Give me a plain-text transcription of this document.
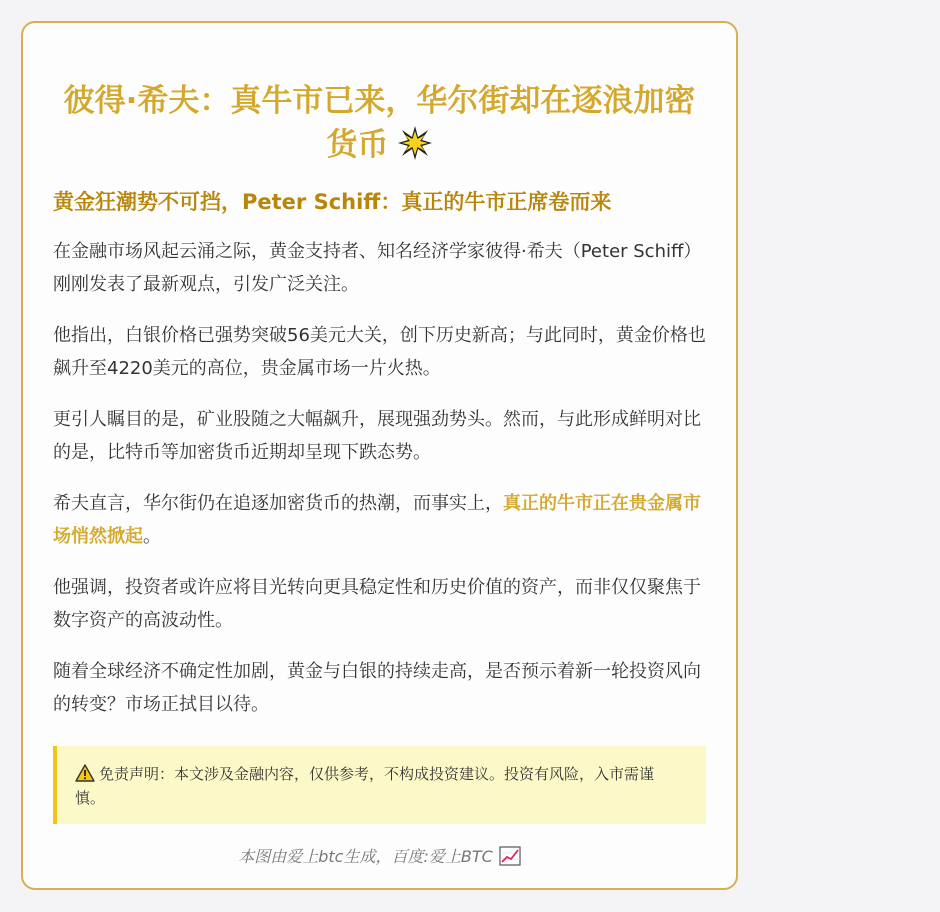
彼得·希夫：真牛市已来，华尔街却在逐浪加密货币
黄金狂潮势不可挡，Peter Schiff：真正的牛市正席卷而来

在金融市场风起云涌之际，黄金支持者、知名经济学家彼得·希夫（Peter Schiff）刚刚发表了最新观点，引发广泛关注。

他指出，白银价格已强势突破56美元大关，创下历史新高；与此同时，黄金价格也飙升至4220美元的高位，贵金属市场一片火热。

更引人瞩目的是，矿业股随之大幅飙升，展现强劲势头。然而，与此形成鲜明对比的是，比特币等加密货币近期却呈现下跌态势。

希夫直言，华尔街仍在追逐加密货币的热潮，而事实上，真正的牛市正在贵金属市场悄然掀起。

他强调，投资者或许应将目光转向更具稳定性和历史价值的资产，而非仅仅聚焦于数字资产的高波动性。

随着全球经济不确定性加剧，黄金与白银的持续走高，是否预示着新一轮投资风向的转变？市场正拭目以待。

免责声明：本文涉及金融内容，仅供参考，不构成投资建议。投资有风险，入市需谨慎。
本图由爱上btc生成，百度:爱上BTC
